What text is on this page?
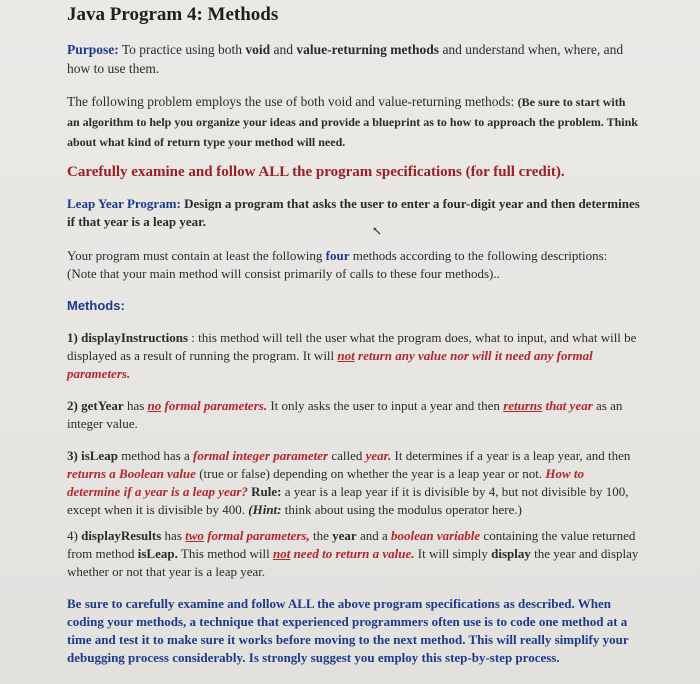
Java Program 4: Methods
Purpose: To practice using both void and value-returning methods and understand when, where, and how to use them.
The following problem employs the use of both void and value-returning methods: (Be sure to start with an algorithm to help you organize your ideas and provide a blueprint as to how to approach the problem. Think about what kind of return type your method will need.
Carefully examine and follow ALL the program specifications (for full credit).
Leap Year Program: Design a program that asks the user to enter a four-digit year and then determines if that year is a leap year.
Your program must contain at least the following four methods according to the following descriptions: (Note that your main method will consist primarily of calls to these four methods)..
Methods:
1) displayInstructions : this method will tell the user what the program does, what to input, and what will be displayed as a result of running the program. It will not return any value nor will it need any formal parameters.
2) getYear has no formal parameters. It only asks the user to input a year and then returns that year as an integer value.
3) isLeap method has a formal integer parameter called year. It determines if a year is a leap year, and then returns a Boolean value (true or false) depending on whether the year is a leap year or not. How to determine if a year is a leap year? Rule: a year is a leap year if it is divisible by 4, but not divisible by 100, except when it is divisible by 400. (Hint: think about using the modulus operator here.)
4) displayResults has two formal parameters, the year and a boolean variable containing the value returned from method isLeap. This method will not need to return a value. It will simply display the year and display whether or not that year is a leap year.
Be sure to carefully examine and follow ALL the above program specifications as described. When coding your methods, a technique that experienced programmers often use is to code one method at a time and test it to make sure it works before moving to the next method. This will really simplify your debugging process considerably. Is strongly suggest you employ this step-by-step process.
↖
